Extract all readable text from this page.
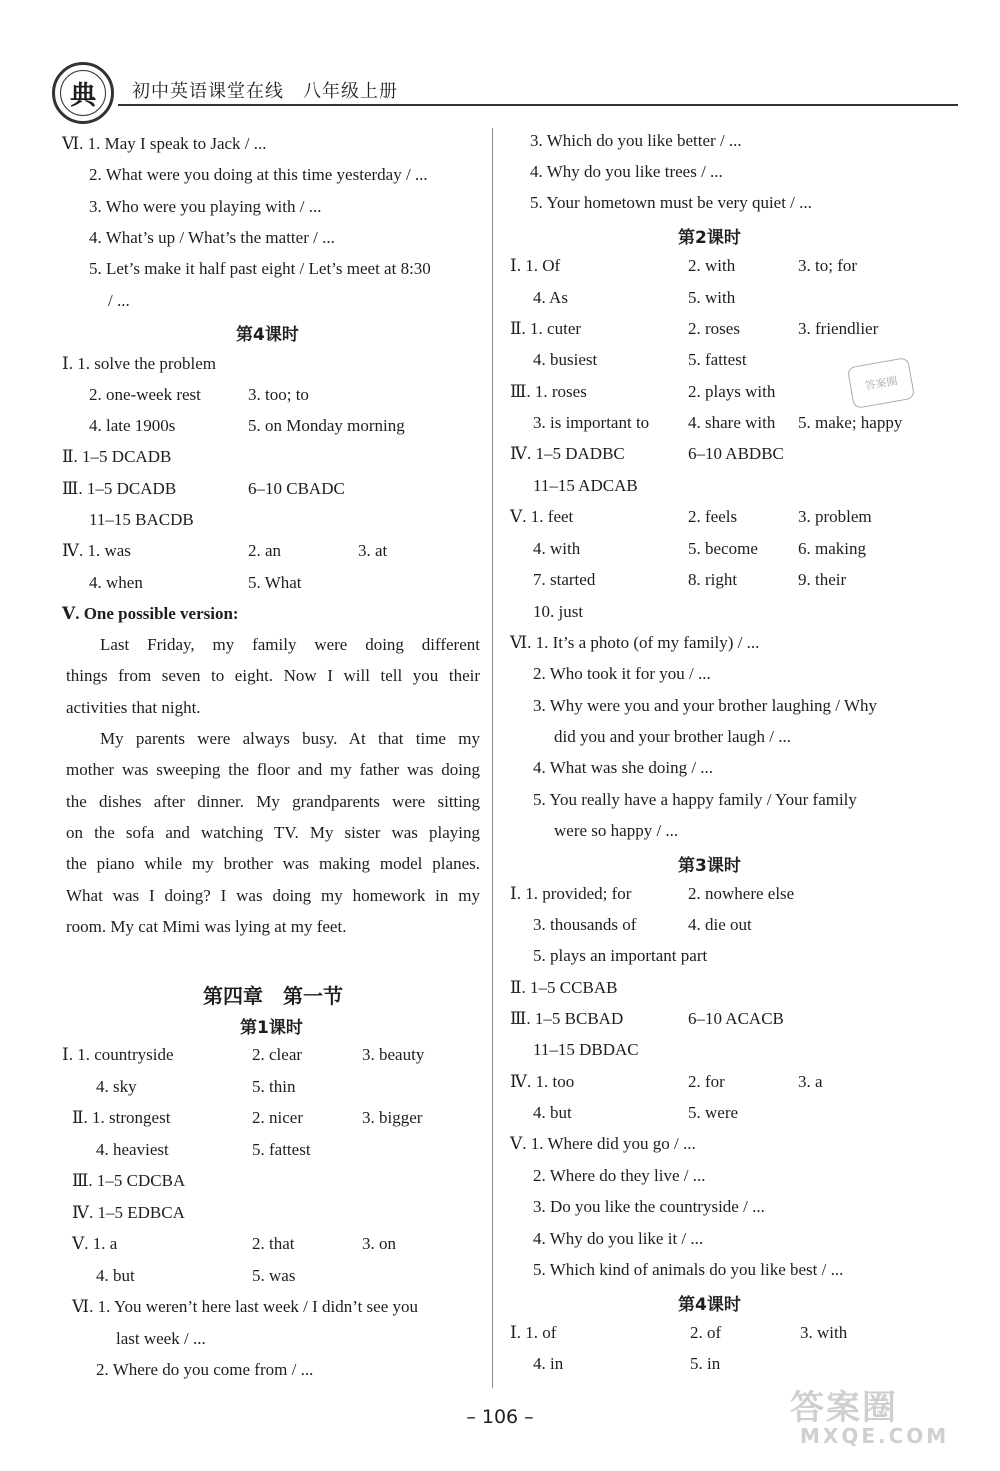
典	初中英语课堂在线　八年级上册
Ⅵ. 1. May I speak to Jack / ...
2. What were you doing at this time yesterday / ...
3. Who were you playing with / ...
4. What’s up / What’s the matter / ...
5. Let’s make it half past eight / Let’s meet at 8:30
/ ...
第4课时
Ⅰ. 1. solve the problem
2. one-week rest	3. too; to
4. late 1900s	5. on Monday morning
Ⅱ. 1–5 DCADB
Ⅲ. 1–5 DCADB	6–10 CBADC
11–15 BACDB
Ⅳ. 1. was	2. an	3. at
4. when	5. What
Ⅴ. One possible version:
Last Friday, my family were doing different
things from seven to eight. Now I will tell you their
activities that night.
My parents were always busy. At that time my
mother was sweeping the floor and my father was doing
the dishes after dinner. My grandparents were sitting
on the sofa and watching TV. My sister was playing
the piano while my brother was making model planes.
What was I doing? I was doing my homework in my
room. My cat Mimi was lying at my feet.
第四章　第一节
第1课时
Ⅰ. 1. countryside	2. clear	3. beauty
4. sky	5. thin
Ⅱ. 1. strongest	2. nicer	3. bigger
4. heaviest	5. fattest
Ⅲ. 1–5 CDCBA
Ⅳ. 1–5 EDBCA
Ⅴ. 1. a	2. that	3. on
4. but	5. was
Ⅵ. 1. You weren’t here last week / I didn’t see you
last week / ...
2. Where do you come from / ...
3. Which do you like better / ...
4. Why do you like trees / ...
5. Your hometown must be very quiet / ...
第2课时
Ⅰ. 1. Of	2. with	3. to; for
4. As	5. with
Ⅱ. 1. cuter	2. roses	3. friendlier
4. busiest	5. fattest
Ⅲ. 1. roses	2. plays with
3. is important to 4. share with 5. make; happy
Ⅳ. 1–5 DADBC	6–10 ABDBC
11–15 ADCAB
Ⅴ. 1. feet	2. feels	3. problem
4. with	5. become 6. making
7. started	8. right	9. their
10. just
Ⅵ. 1. It’s a photo (of my family) / ...
2. Who took it for you / ...
3. Why were you and your brother laughing / Why
did you and your brother laugh / ...
4. What was she doing / ...
5. You really have a happy family / Your family
were so happy / ...
第3课时
Ⅰ. 1. provided; for	2. nowhere else
3. thousands of	4. die out
5. plays an important part
Ⅱ. 1–5 CCBAB
Ⅲ. 1–5 BCBAD	6–10 ACACB
11–15 DBDAC
Ⅳ. 1. too	2. for	3. a
4. but	5. were
Ⅴ. 1. Where did you go / ...
2. Where do they live / ...
3. Do you like the countryside / ...
4. Why do you like it / ...
5. Which kind of animals do you like best / ...
第4课时
Ⅰ. 1. of	2. of	3. with
4. in	5. in
答案圈
答案圈
MXQE.COM
– 106 –
